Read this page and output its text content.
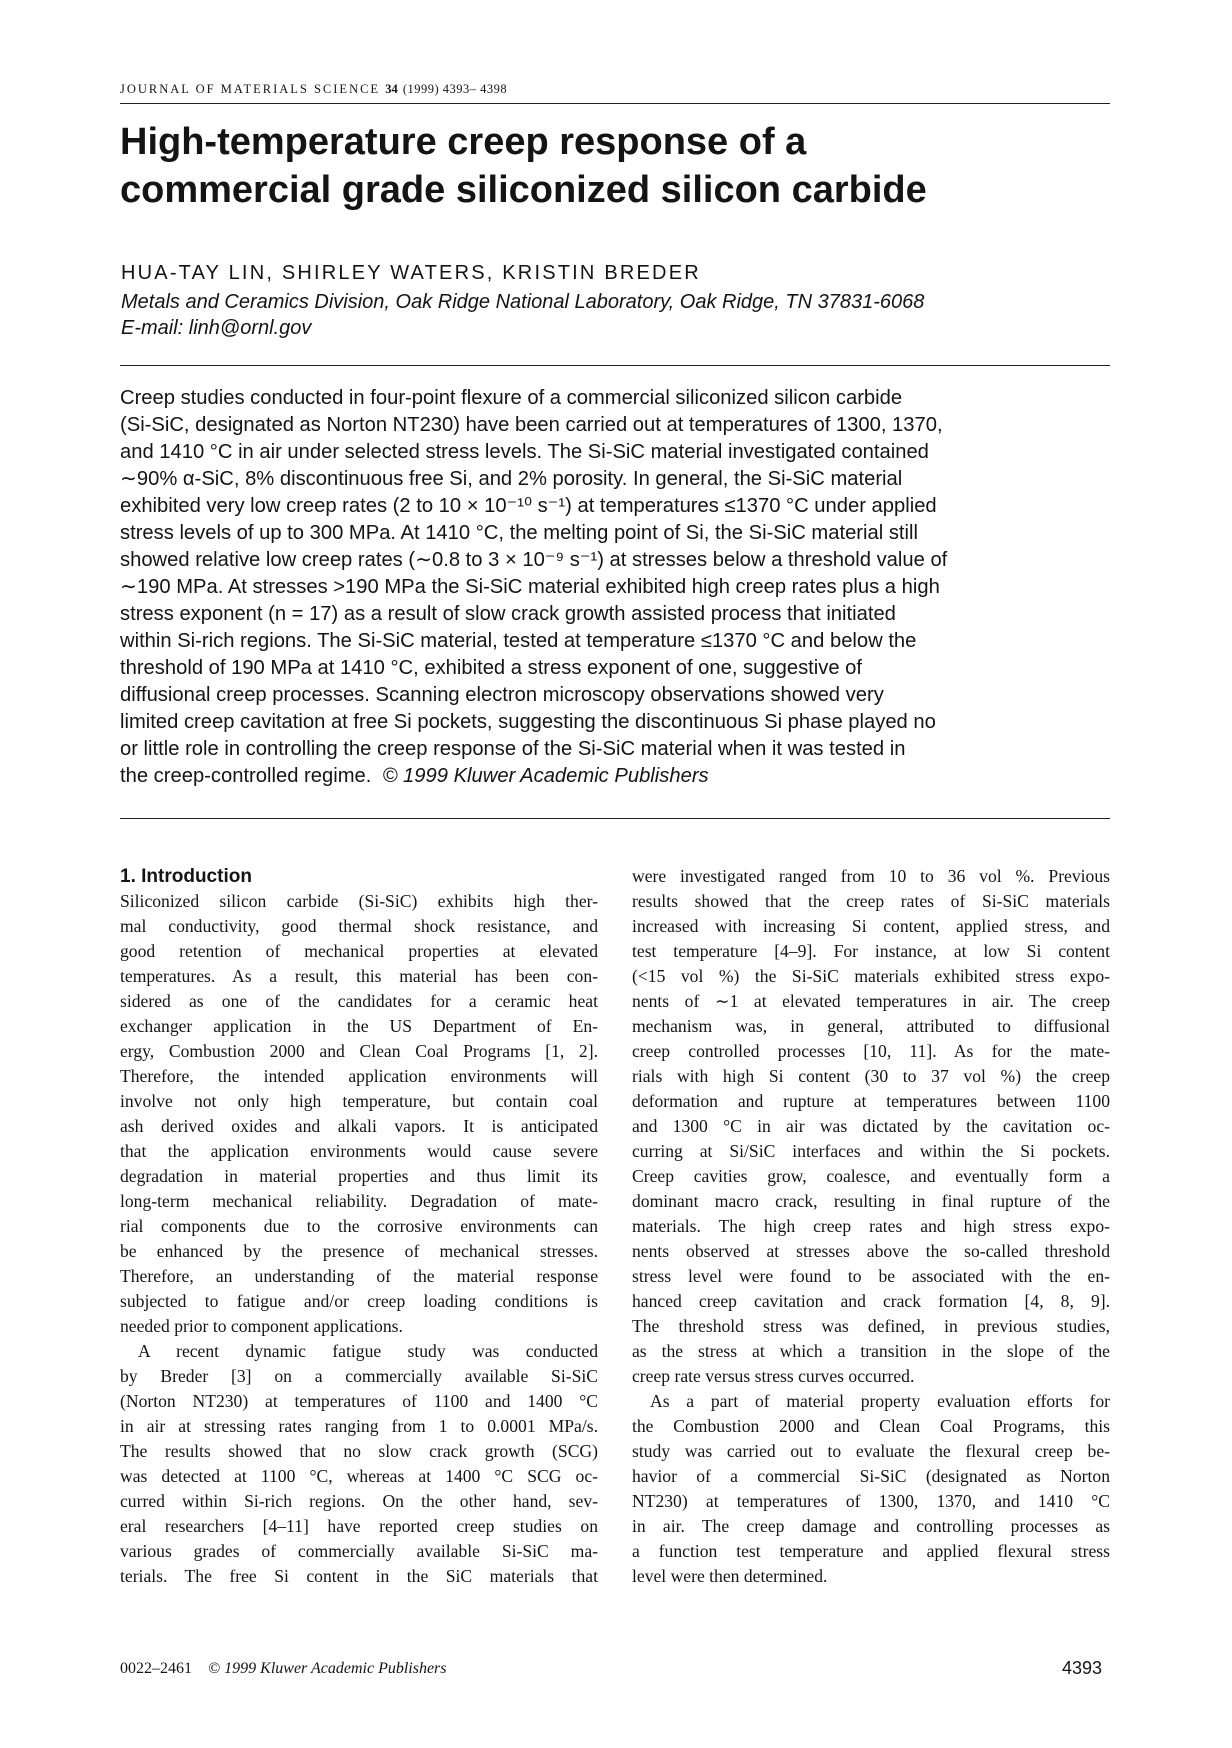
JOURNAL OF MATERIALS SCIENCE 34 (1999) 4393– 4398
High-temperature creep response of a
commercial grade siliconized silicon carbide
HUA-TAY LIN, SHIRLEY WATERS, KRISTIN BREDER
Metals and Ceramics Division, Oak Ridge National Laboratory, Oak Ridge, TN 37831-6068
E-mail: linh@ornl.gov
Creep studies conducted in four-point flexure of a commercial siliconized silicon carbide
(Si-SiC, designated as Norton NT230) have been carried out at temperatures of 1300, 1370,
and 1410 °C in air under selected stress levels. The Si-SiC material investigated contained
∼90% α-SiC, 8% discontinuous free Si, and 2% porosity. In general, the Si-SiC material
exhibited very low creep rates (2 to 10 × 10⁻¹⁰ s⁻¹) at temperatures ≤1370 °C under applied
stress levels of up to 300 MPa. At 1410 °C, the melting point of Si, the Si-SiC material still
showed relative low creep rates (∼0.8 to 3 × 10⁻⁹ s⁻¹) at stresses below a threshold value of
∼190 MPa. At stresses >190 MPa the Si-SiC material exhibited high creep rates plus a high
stress exponent (n = 17) as a result of slow crack growth assisted process that initiated
within Si-rich regions. The Si-SiC material, tested at temperature ≤1370 °C and below the
threshold of 190 MPa at 1410 °C, exhibited a stress exponent of one, suggestive of
diffusional creep processes. Scanning electron microscopy observations showed very
limited creep cavitation at free Si pockets, suggesting the discontinuous Si phase played no
or little role in controlling the creep response of the Si-SiC material when it was tested in
the creep-controlled regime. © 1999 Kluwer Academic Publishers
1. Introduction
Siliconized silicon carbide (Si-SiC) exhibits high ther-
mal conductivity, good thermal shock resistance, and
good retention of mechanical properties at elevated
temperatures. As a result, this material has been con-
sidered as one of the candidates for a ceramic heat
exchanger application in the US Department of En-
ergy, Combustion 2000 and Clean Coal Programs [1, 2].
Therefore, the intended application environments will
involve not only high temperature, but contain coal
ash derived oxides and alkali vapors. It is anticipated
that the application environments would cause severe
degradation in material properties and thus limit its
long-term mechanical reliability. Degradation of mate-
rial components due to the corrosive environments can
be enhanced by the presence of mechanical stresses.
Therefore, an understanding of the material response
subjected to fatigue and/or creep loading conditions is
needed prior to component applications.
A recent dynamic fatigue study was conducted
by Breder [3] on a commercially available Si-SiC
(Norton NT230) at temperatures of 1100 and 1400 °C
in air at stressing rates ranging from 1 to 0.0001 MPa/s.
The results showed that no slow crack growth (SCG)
was detected at 1100 °C, whereas at 1400 °C SCG oc-
curred within Si-rich regions. On the other hand, sev-
eral researchers [4–11] have reported creep studies on
various grades of commercially available Si-SiC ma-
terials. The free Si content in the SiC materials that
were investigated ranged from 10 to 36 vol %. Previous
results showed that the creep rates of Si-SiC materials
increased with increasing Si content, applied stress, and
test temperature [4–9]. For instance, at low Si content
(<15 vol %) the Si-SiC materials exhibited stress expo-
nents of ∼1 at elevated temperatures in air. The creep
mechanism was, in general, attributed to diffusional
creep controlled processes [10, 11]. As for the mate-
rials with high Si content (30 to 37 vol %) the creep
deformation and rupture at temperatures between 1100
and 1300 °C in air was dictated by the cavitation oc-
curring at Si/SiC interfaces and within the Si pockets.
Creep cavities grow, coalesce, and eventually form a
dominant macro crack, resulting in final rupture of the
materials. The high creep rates and high stress expo-
nents observed at stresses above the so-called threshold
stress level were found to be associated with the en-
hanced creep cavitation and crack formation [4, 8, 9].
The threshold stress was defined, in previous studies,
as the stress at which a transition in the slope of the
creep rate versus stress curves occurred.
As a part of material property evaluation efforts for
the Combustion 2000 and Clean Coal Programs, this
study was carried out to evaluate the flexural creep be-
havior of a commercial Si-SiC (designated as Norton
NT230) at temperatures of 1300, 1370, and 1410 °C
in air. The creep damage and controlling processes as
a function test temperature and applied flexural stress
level were then determined.
0022–2461 © 1999 Kluwer Academic Publishers	4393
